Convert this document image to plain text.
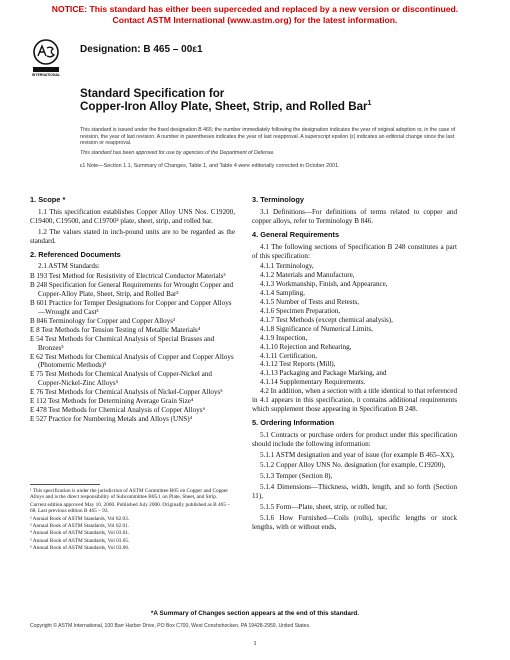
NOTICE: This standard has either been superceded and replaced by a new version or discontinued.
Contact ASTM International (www.astm.org) for the latest information.
INTERNATIONAL
Designation: B 465 – 00ε1
Standard Specification for
Copper-Iron Alloy Plate, Sheet, Strip, and Rolled Bar$^1$

This standard is issued under the fixed designation B 465; the number immediately following the designation indicates the year of original adoption or, in the case of revision, the year of last revision. A number in parentheses indicates the year of last reapproval. A superscript epsilon (ε) indicates an editorial change since the last revision or reapproval.

This standard has been approved for use by agencies of the Department of Defense.

ε1 Note—Section 1.1, Summary of Changes, Table 1, and Table 4 were editorially corrected in October 2001.
1. Scope *

1.1 This specification establishes Copper Alloy UNS Nos. C19200, C19400, C19500, and C19700² plate, sheet, strip, and rolled bar.

1.2 The values stated in inch-pound units are to be regarded as the standard.

2. Referenced Documents

2.1 ASTM Standards:

B 193 Test Method for Resistivity of Electrical Conductor Materials³

B 248 Specification for General Requirements for Wrought Copper and Copper-Alloy Plate, Sheet, Strip, and Rolled Bar³

B 601 Practice for Temper Designations for Copper and Copper Alloys—Wrought and Cast³

B 846 Terminology for Copper and Copper Alloys³

E 8 Test Methods for Tension Testing of Metallic Materials⁴

E 54 Test Methods for Chemical Analysis of Special Brasses and Bronzes⁵

E 62 Test Methods for Chemical Analysis of Copper and Copper Alloys (Photometric Methods)⁵

E 75 Test Methods for Chemical Analysis of Copper-Nickel and Copper-Nickel-Zinc Alloys⁵

E 76 Test Methods for Chemical Analysis of Nickel-Copper Alloys⁵

E 112 Test Methods for Determining Average Grain Size⁴

E 478 Test Methods for Chemical Analysis of Copper Alloys⁶

E 527 Practice for Numbering Metals and Alloys (UNS)⁴

¹ This specification is under the jurisdiction of ASTM Committee B05 on Copper and Copper Alloys and is the direct responsibility of Subcommittee B05.1 on Plate, Sheet, and Strip.

Current edition approved May 10, 2000. Published July 2000. Originally published as B 465 – 68. Last previous edition B 465 – 93.

² Annual Book of ASTM Standards, Vol 02.03.

³ Annual Book of ASTM Standards, Vol 02.01.

⁴ Annual Book of ASTM Standards, Vol 03.01.

⁵ Annual Book of ASTM Standards, Vol 03.05.

⁶ Annual Book of ASTM Standards, Vol 03.06.

3. Terminology

3.1 Definitions—For definitions of terms related to copper and copper alloys, refer to Terminology B 846.

4. General Requirements

4.1 The following sections of Specification B 248 constitutes a part of this specification:

4.1.1 Terminology,
4.1.2 Materials and Manufacture,
4.1.3 Workmanship, Finish, and Appearance,
4.1.4 Sampling,
4.1.5 Number of Tests and Retests,
4.1.6 Specimen Preparation,
4.1.7 Test Methods (except chemical analysis),
4.1.8 Significance of Numerical Limits,
4.1.9 Inspection,
4.1.10 Rejection and Rehearing,
4.1.11 Certification,
4.1.12 Test Reports (Mill),
4.1.13 Packaging and Package Marking, and
4.1.14 Supplementary Requirements.

4.2 In addition, when a section with a title identical to that referenced in 4.1 appears in this specification, it contains additional requirements which supplement those appearing in Specification B 248.

5. Ordering Information

5.1 Contracts or purchase orders for product under this specification should include the following information:

5.1.1 ASTM designation and year of issue (for example B 465–XX),

5.1.2 Copper Alloy UNS No. designation (for example, C19200),

5.1.3 Temper (Section 8),

5.1.4 Dimensions—Thickness, width, length, and so forth (Section 11),

5.1.5 Form—Plate, sheet, strip, or rolled bar,

5.1.6 How Furnished—Coils (rolls), specific lengths or stock lengths, with or without ends,

*A Summary of Changes section appears at the end of this standard.
Copyright © ASTM International, 100 Barr Harbor Drive, PO Box C700, West Conshohocken, PA 19428-2959, United States.
1
